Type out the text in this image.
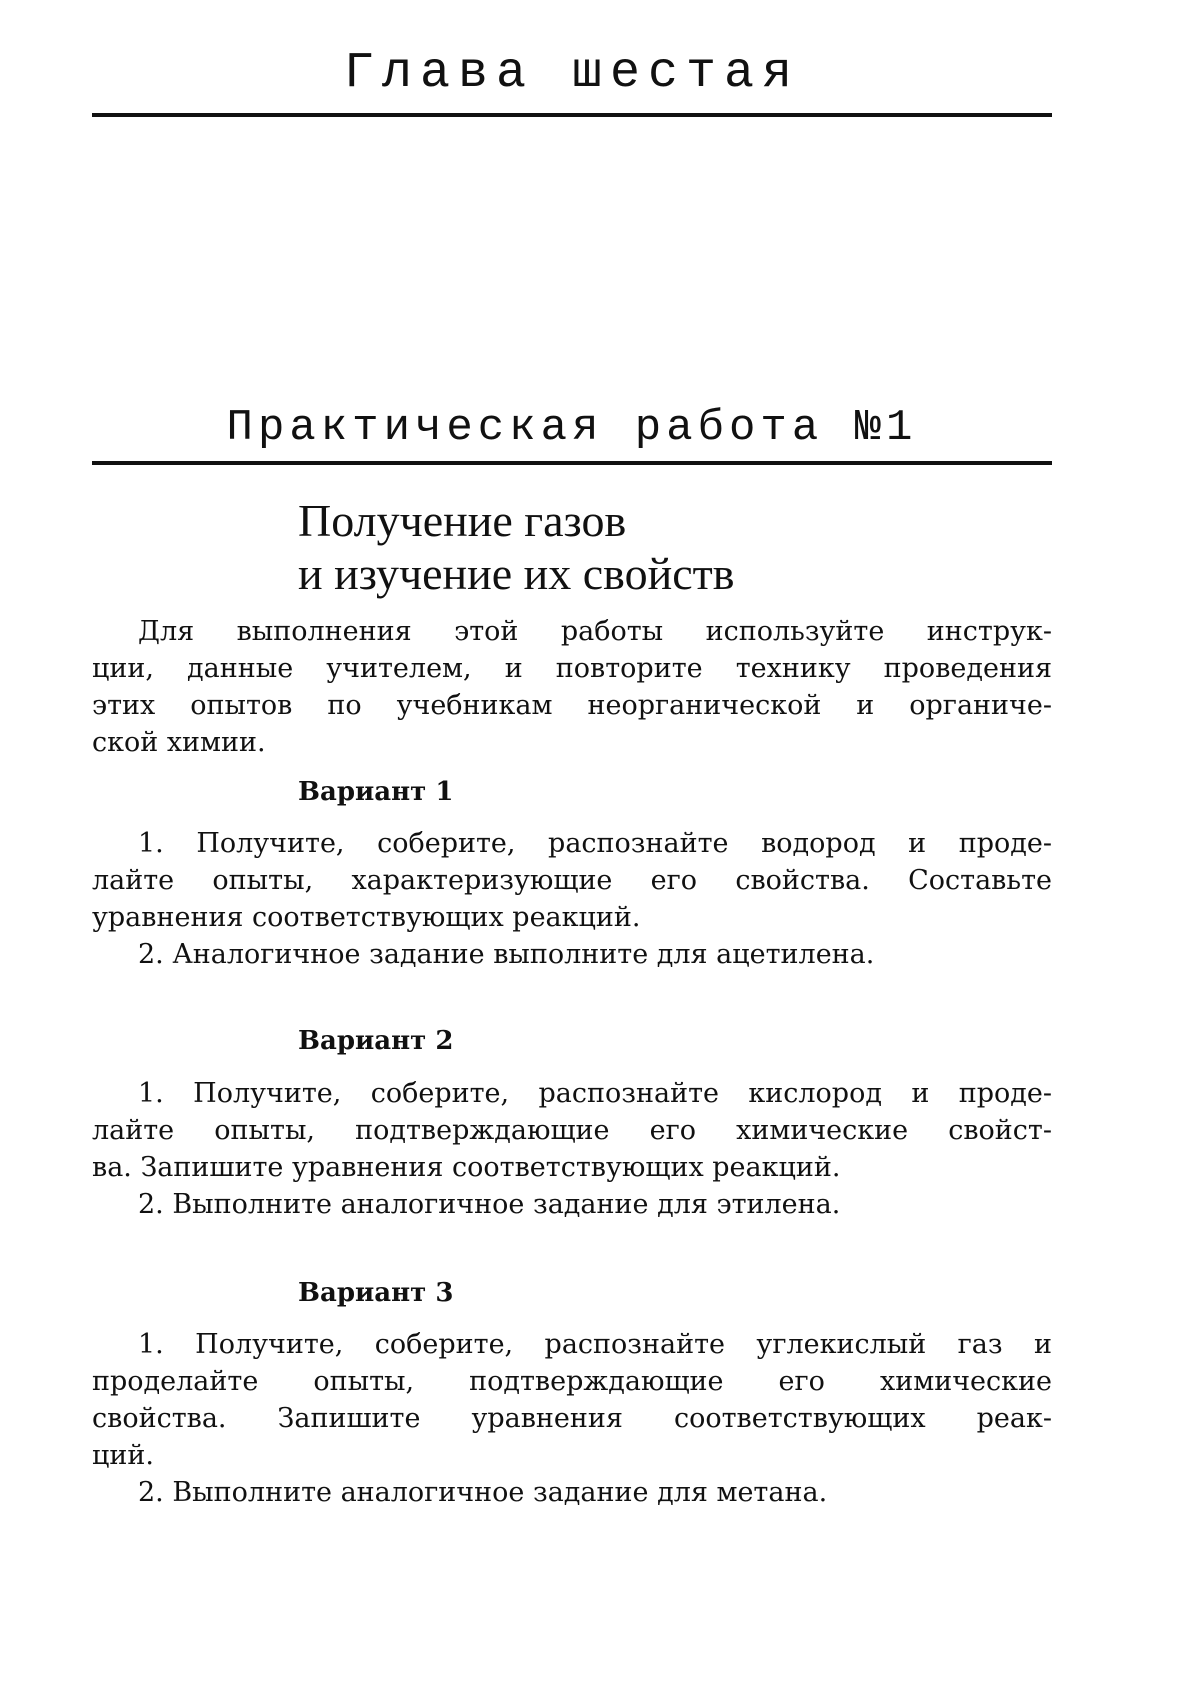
Глава шестая
Практическая работа №1
Получение газов
и изучение их свойств
Для выполнения этой работы используйте инструк-
ции, данные учителем, и повторите технику проведения
этих опытов по учебникам неорганической и органиче-
ской химии.
Вариант 1
1. Получите, соберите, распознайте водород и проде-
лайте опыты, характеризующие его свойства. Составьте
уравнения соответствующих реакций.
2. Аналогичное задание выполните для ацетилена.
Вариант 2
1. Получите, соберите, распознайте кислород и проде-
лайте опыты, подтверждающие его химические свойст-
ва. Запишите уравнения соответствующих реакций.
2. Выполните аналогичное задание для этилена.
Вариант 3
1. Получите, соберите, распознайте углекислый газ и
проделайте опыты, подтверждающие его химические
свойства. Запишите уравнения соответствующих реак-
ций.
2. Выполните аналогичное задание для метана.
